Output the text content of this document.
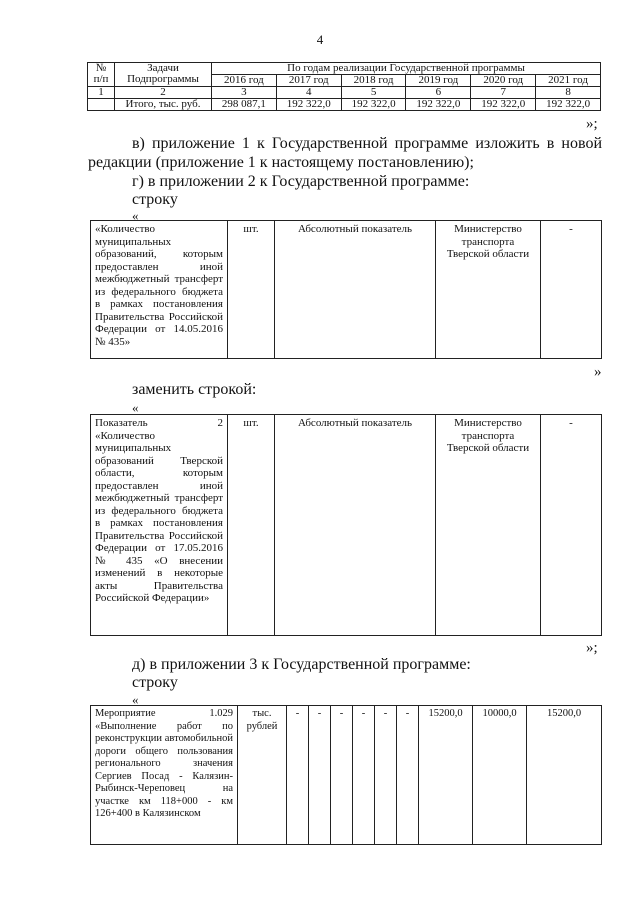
4
№ п/п	Задачи Подпрограммы	По годам реализации Государственной программы					
		2016 год	2017 год	2018 год	2019 год	2020 год	2021 год
1	2	3	4	5	6	7	8
	Итого, тыс. руб.	298 087,1	192 322,0	192 322,0	192 322,0	192 322,0	192 322,0
»;
в) приложение 1 к Государственной программе изложить в новой редакции (приложение 1 к настоящему постановлению);
г) в приложении 2 к Государственной программе:
строку
«
«Количество муниципальных образований, которым предоставлен иной межбюджетный трансферт из федерального бюджета в рамках постановления Правительства Российской Федерации от 14.05.2016 № 435»	шт.	Абсолютный показатель	Министерство транспорта Тверской области	-
»
заменить строкой:
«
Показатель 2
«Количество муниципальных образований Тверской области, которым предоставлен иной межбюджетный трансферт из федерального бюджета в рамках постановления Правительства Российской Федерации от 17.05.2016 № 435 «О внесении изменений в некоторые акты Правительства Российской Федерации»
	шт.	Абсолютный показатель	Министерство транспорта Тверской области	-
»;
д) в приложении 3 к Государственной программе:
строку
«
Мероприятие 1.029
«Выполнение работ по реконструкции автомобильной дороги общего пользования регионального значения Сергиев Посад - Калязин-Рыбинск-Череповец на участке км 118+000 - км 126+400 в Калязинском
	тыс. рублей	-	-	-	-	-	-	15200,0	10000,0	15200,0
